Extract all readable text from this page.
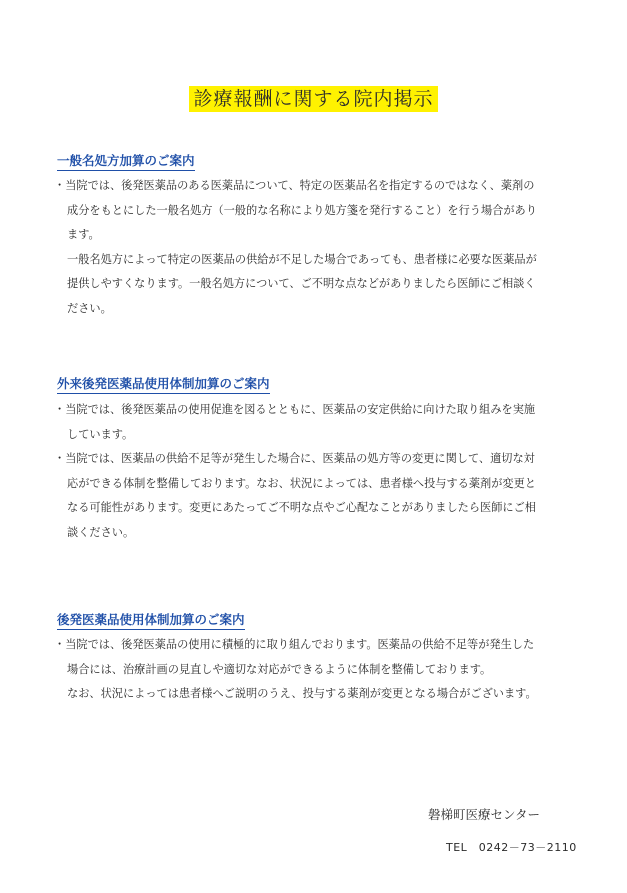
診療報酬に関する院内掲示
一般名処方加算のご案内
・当院では、後発医薬品のある医薬品について、特定の医薬品名を指定するのではなく、薬剤の
成分をもとにした一般名処方（一般的な名称により処方箋を発行すること）を行う場合があり
ます。
一般名処方によって特定の医薬品の供給が不足した場合であっても、患者様に必要な医薬品が
提供しやすくなります。一般名処方について、ご不明な点などがありましたら医師にご相談く
ださい。
外来後発医薬品使用体制加算のご案内
・当院では、後発医薬品の使用促進を図るとともに、医薬品の安定供給に向けた取り組みを実施
しています。
・当院では、医薬品の供給不足等が発生した場合に、医薬品の処方等の変更に関して、適切な対
応ができる体制を整備しております。なお、状況によっては、患者様へ投与する薬剤が変更と
なる可能性があります。変更にあたってご不明な点やご心配なことがありましたら医師にご相
談ください。
後発医薬品使用体制加算のご案内
・当院では、後発医薬品の使用に積極的に取り組んでおります。医薬品の供給不足等が発生した
場合には、治療計画の見直しや適切な対応ができるように体制を整備しております。
なお、状況によっては患者様へご説明のうえ、投与する薬剤が変更となる場合がございます。
磐梯町医療センター
TEL　0242－73－2110
